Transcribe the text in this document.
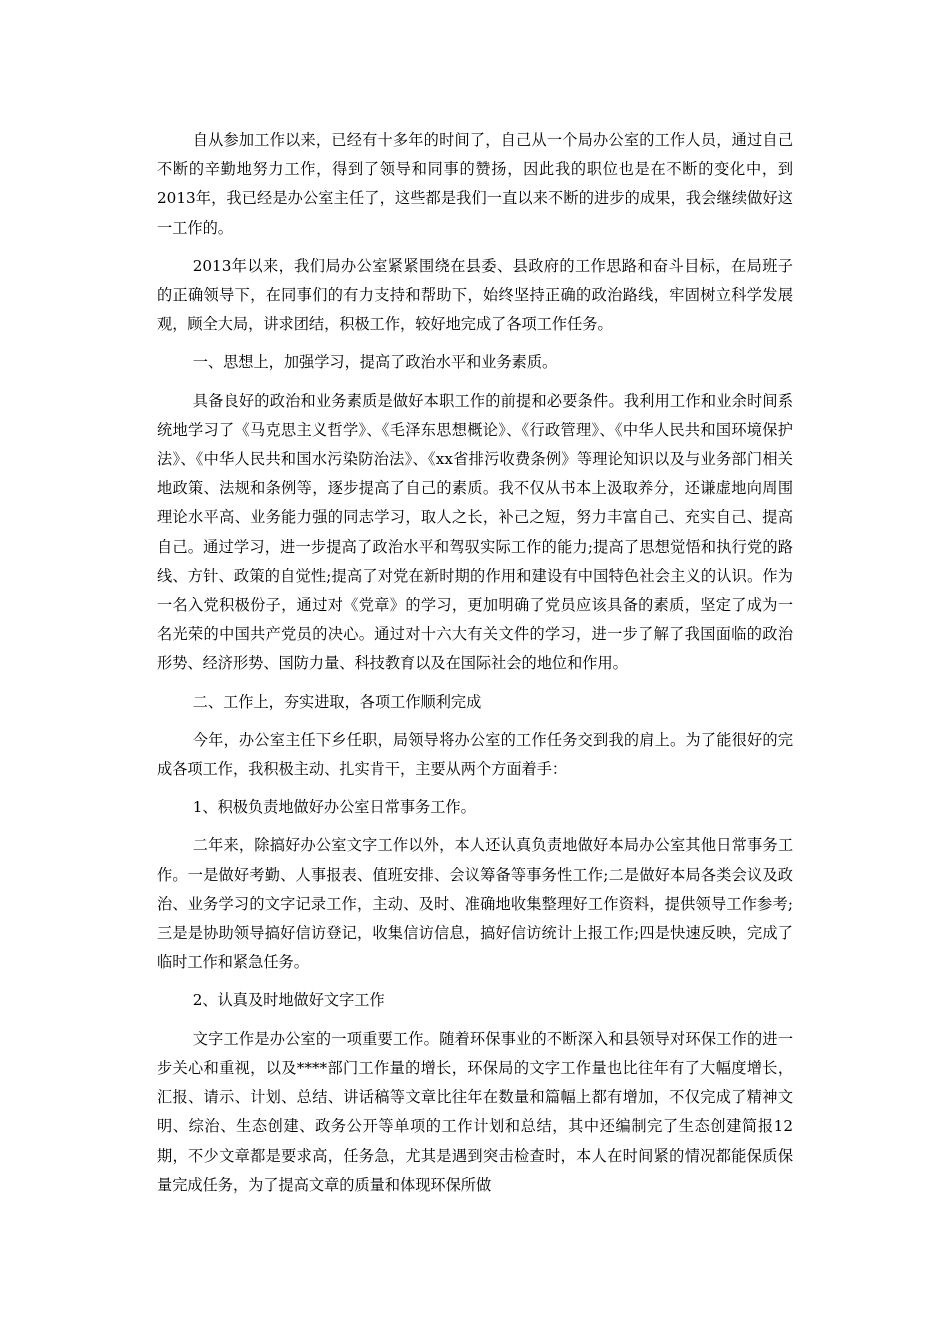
自从参加工作以来，已经有十多年的时间了，自己从一个局办公室的工作人员，通过自己不断的辛勤地努力工作，得到了领导和同事的赞扬，因此我的职位也是在不断的变化中，到2013年，我已经是办公室主任了，这些都是我们一直以来不断的进步的成果，我会继续做好这一工作的。

2013年以来，我们局办公室紧紧围绕在县委、县政府的工作思路和奋斗目标，在局班子的正确领导下，在同事们的有力支持和帮助下，始终坚持正确的政治路线，牢固树立科学发展观，顾全大局，讲求团结，积极工作，较好地完成了各项工作任务。

一、思想上，加强学习，提高了政治水平和业务素质。

具备良好的政治和业务素质是做好本职工作的前提和必要条件。我利用工作和业余时间系统地学习了《马克思主义哲学》、《毛泽东思想概论》、《行政管理》、《中华人民共和国环境保护法》、《中华人民共和国水污染防治法》、《xx省排污收费条例》等理论知识以及与业务部门相关地政策、法规和条例等，逐步提高了自己的素质。我不仅从书本上汲取养分，还谦虚地向周围理论水平高、业务能力强的同志学习，取人之长，补己之短，努力丰富自己、充实自己、提高自己。通过学习，进一步提高了政治水平和驾驭实际工作的能力;提高了思想觉悟和执行党的路线、方针、政策的自觉性;提高了对党在新时期的作用和建设有中国特色社会主义的认识。作为一名入党积极份子，通过对《党章》的学习，更加明确了党员应该具备的素质，坚定了成为一名光荣的中国共产党员的决心。通过对十六大有关文件的学习，进一步了解了我国面临的政治形势、经济形势、国防力量、科技教育以及在国际社会的地位和作用。

二、工作上，夯实进取，各项工作顺利完成

今年，办公室主任下乡任职，局领导将办公室的工作任务交到我的肩上。为了能很好的完成各项工作，我积极主动、扎实肯干，主要从两个方面着手：

1、积极负责地做好办公室日常事务工作。

二年来，除搞好办公室文字工作以外，本人还认真负责地做好本局办公室其他日常事务工作。一是做好考勤、人事报表、值班安排、会议筹备等事务性工作;二是做好本局各类会议及政治、业务学习的文字记录工作，主动、及时、准确地收集整理好工作资料，提供领导工作参考;三是是协助领导搞好信访登记，收集信访信息，搞好信访统计上报工作;四是快速反映，完成了临时工作和紧急任务。

2、认真及时地做好文字工作

文字工作是办公室的一项重要工作。随着环保事业的不断深入和县领导对环保工作的进一步关心和重视，以及****部门工作量的增长，环保局的文字工作量也比往年有了大幅度增长，汇报、请示、计划、总结、讲话稿等文章比往年在数量和篇幅上都有增加，不仅完成了精神文明、综治、生态创建、政务公开等单项的工作计划和总结，其中还编制完了生态创建简报12期，不少文章都是要求高，任务急，尤其是遇到突击检查时，本人在时间紧的情况都能保质保量完成任务，为了提高文章的质量和体现环保所做
